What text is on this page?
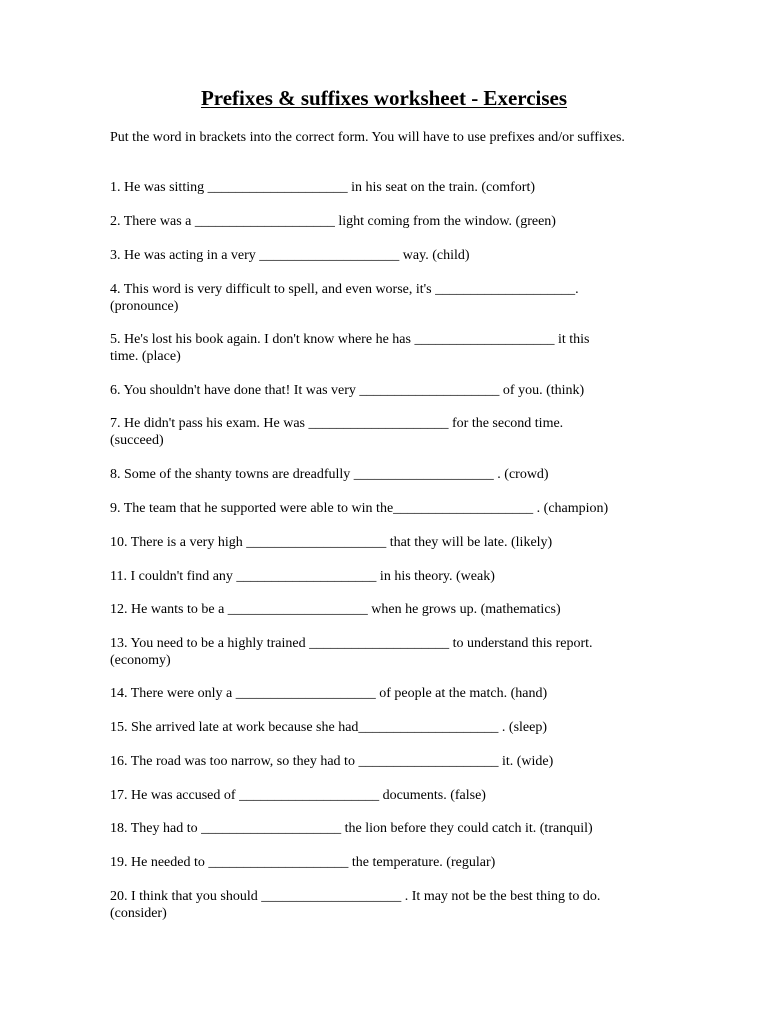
Prefixes & suffixes worksheet - Exercises
Put the word in brackets into the correct form. You will have to use prefixes and/or suffixes.
1. He was sitting ____________________ in his seat on the train. (comfort)
2. There was a ____________________ light coming from the window. (green)
3. He was acting in a very ____________________ way. (child)
4. This word is very difficult to spell, and even worse, it's ____________________.
(pronounce)
5. He's lost his book again. I don't know where he has ____________________ it this
time. (place)
6. You shouldn't have done that! It was very ____________________ of you. (think)
7. He didn't pass his exam. He was ____________________ for the second time.
(succeed)
8. Some of the shanty towns are dreadfully ____________________ . (crowd)
9. The team that he supported were able to win the____________________ . (champion)
10. There is a very high ____________________ that they will be late. (likely)
11. I couldn't find any ____________________ in his theory. (weak)
12. He wants to be a ____________________ when he grows up. (mathematics)
13. You need to be a highly trained ____________________ to understand this report.
(economy)
14. There were only a ____________________ of people at the match. (hand)
15. She arrived late at work because she had____________________ . (sleep)
16. The road was too narrow, so they had to ____________________ it. (wide)
17. He was accused of ____________________ documents. (false)
18. They had to ____________________ the lion before they could catch it. (tranquil)
19. He needed to ____________________ the temperature. (regular)
20. I think that you should ____________________ . It may not be the best thing to do.
(consider)
